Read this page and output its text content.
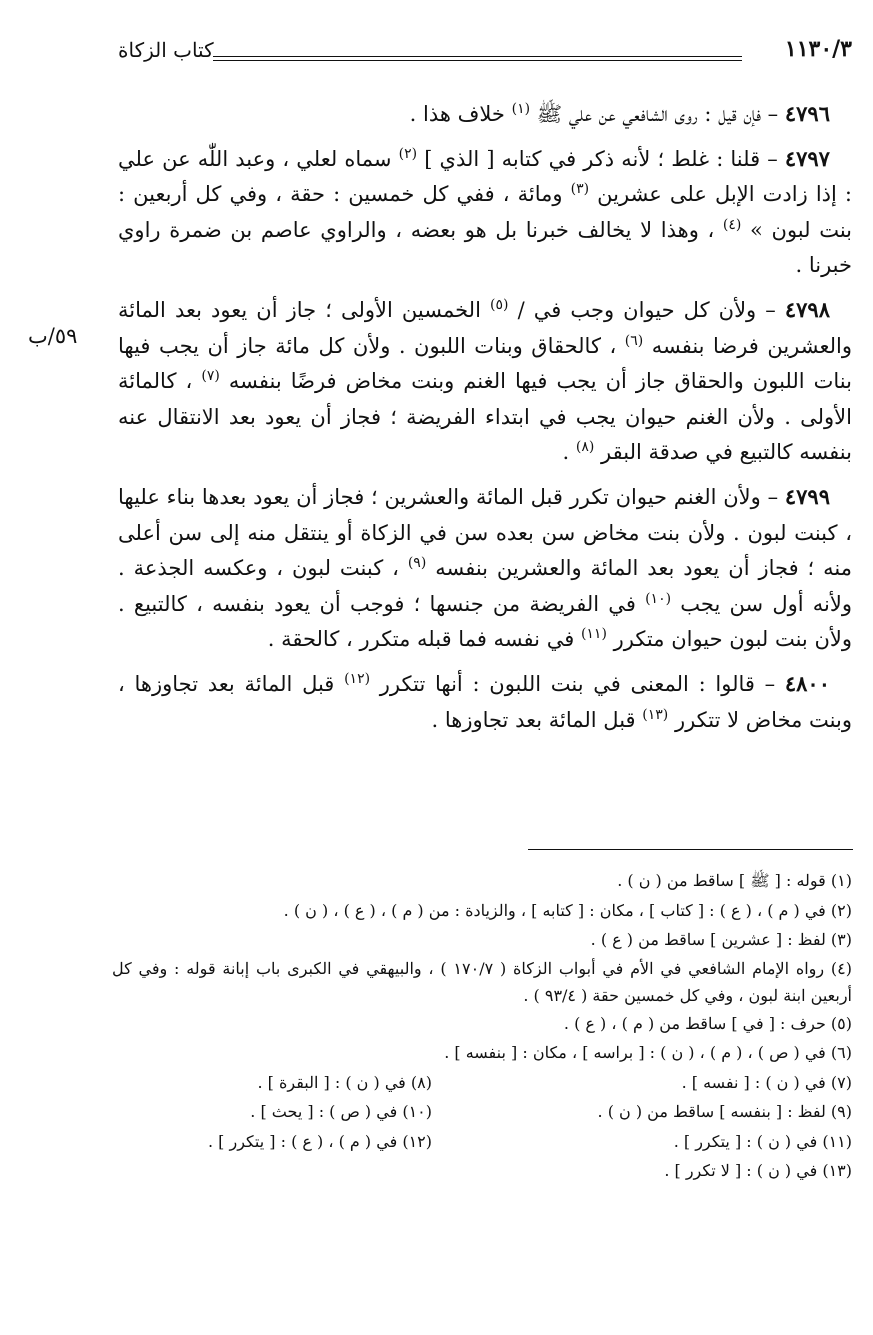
١١٣٠/٣
كتاب الزكاة
٥٩/ب

٤٧٩٦ – فإن قيل : روى الشافعي عن علي ﷺ $^{(١)}$ خلاف هذا .

٤٧٩٧ – قلنا : غلط ؛ لأنه ذكر في كتابه [ الذي ] $^{(٢)}$ سماه لعلي ، وعبد اللّٰه عن علي : إذا زادت الإبل على عشرين $^{(٣)}$ ومائة ، ففي كل خمسين : حقة ، وفي كل أربعين : بنت لبون » $^{(٤)}$ ، وهذا لا يخالف خبرنا بل هو بعضه ، والراوي عاصم بن ضمرة راوي خبرنا .

٤٧٩٨ – ولأن كل حيوان وجب في / $^{(٥)}$ الخمسين الأولى ؛ جاز أن يعود بعد المائة والعشرين فرضا بنفسه $^{(٦)}$ ، كالحقاق وبنات اللبون . ولأن كل مائة جاز أن يجب فيها بنات اللبون والحقاق جاز أن يجب فيها الغنم وبنت مخاض فرضًا بنفسه $^{(٧)}$ ، كالمائة الأولى . ولأن الغنم حيوان يجب في ابتداء الفريضة ؛ فجاز أن يعود بعد الانتقال عنه بنفسه كالتبيع في صدقة البقر $^{(٨)}$ .

٤٧٩٩ – ولأن الغنم حيوان تكرر قبل المائة والعشرين ؛ فجاز أن يعود بعدها بناء عليها ، كبنت لبون . ولأن بنت مخاض سن بعده سن في الزكاة أو ينتقل منه إلى سن أعلى منه ؛ فجاز أن يعود بعد المائة والعشرين بنفسه $^{(٩)}$ ، كبنت لبون ، وعكسه الجذعة . ولأنه أول سن يجب $^{(١٠)}$ في الفريضة من جنسها ؛ فوجب أن يعود بنفسه ، كالتبيع . ولأن بنت لبون حيوان متكرر $^{(١١)}$ في نفسه فما قبله متكرر ، كالحقة .

٤٨٠٠ – قالوا : المعنى في بنت اللبون : أنها تتكرر $^{(١٢)}$ قبل المائة بعد تجاوزها ، وبنت مخاض لا تتكرر $^{(١٣)}$ قبل المائة بعد تجاوزها .

(١) قوله : [ ﷺ ] ساقط من ( ن ) .
(٢) في ( م ) ، ( ع ) : [ كتاب ] ، مكان : [ كتابه ] ، والزيادة : من ( م ) ، ( ع ) ، ( ن ) .
(٣) لفظ : [ عشرين ] ساقط من ( ع ) .
(٤) رواه الإمام الشافعي في الأم في أبواب الزكاة ( ١٧٠/٧ ) ، والبيهقي في الكبرى باب إبانة قوله : وفي كل أربعين ابنة لبون ، وفي كل خمسين حقة ( ٩٣/٤ ) .
(٥) حرف : [ في ] ساقط من ( م ) ، ( ع ) .
(٦) في ( ص ) ، ( م ) ، ( ن ) : [ براسه ] ، مكان : [ بنفسه ] .
(٧) في ( ن ) : [ نفسه ] .
(٨) في ( ن ) : [ البقرة ] .
(٩) لفظ : [ بنفسه ] ساقط من ( ن ) .
(١٠) في ( ص ) : [ يحث ] .
(١١) في ( ن ) : [ يتكرر ] .
(١٢) في ( م ) ، ( ع ) : [ يتكرر ] .
(١٣) في ( ن ) : [ لا تكرر ] .
